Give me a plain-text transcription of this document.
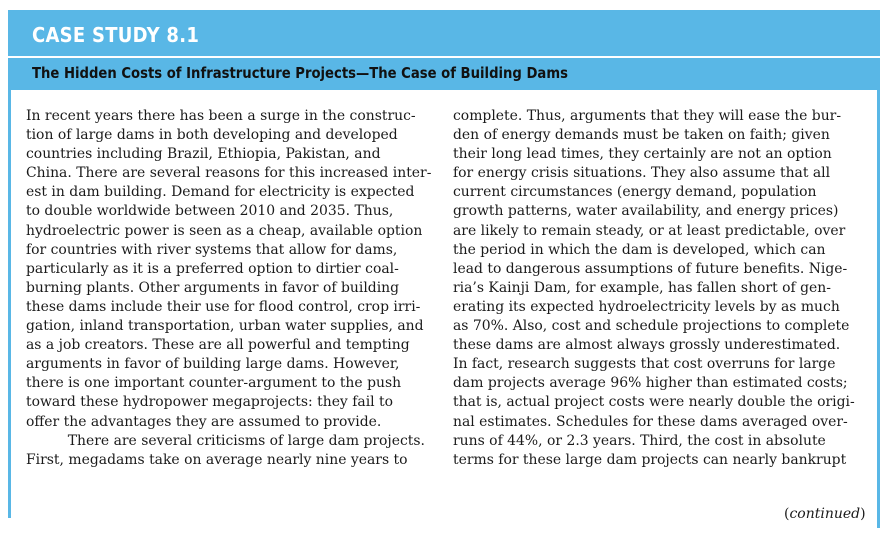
CASE STUDY 8.1
The Hidden Costs of Infrastructure Projects—The Case of Building Dams
In recent years there has been a surge in the construc-
tion of large dams in both developing and developed
countries including Brazil, Ethiopia, Pakistan, and
China. There are several reasons for this increased inter-
est in dam building. Demand for electricity is expected
to double worldwide between 2010 and 2035. Thus,
hydroelectric power is seen as a cheap, available option
for countries with river systems that allow for dams,
particularly as it is a preferred option to dirtier coal-
burning plants. Other arguments in favor of building
these dams include their use for flood control, crop irri-
gation, inland transportation, urban water supplies, and
as a job creators. These are all powerful and tempting
arguments in favor of building large dams. However,
there is one important counter-argument to the push
toward these hydropower megaprojects: they fail to
offer the advantages they are assumed to provide.
There are several criticisms of large dam projects.
First, megadams take on average nearly nine years to
complete. Thus, arguments that they will ease the bur-
den of energy demands must be taken on faith; given
their long lead times, they certainly are not an option
for energy crisis situations. They also assume that all
current circumstances (energy demand, population
growth patterns, water availability, and energy prices)
are likely to remain steady, or at least predictable, over
the period in which the dam is developed, which can
lead to dangerous assumptions of future benefits. Nige-
ria’s Kainji Dam, for example, has fallen short of gen-
erating its expected hydroelectricity levels by as much
as 70%. Also, cost and schedule projections to complete
these dams are almost always grossly underestimated.
In fact, research suggests that cost overruns for large
dam projects average 96% higher than estimated costs;
that is, actual project costs were nearly double the origi-
nal estimates. Schedules for these dams averaged over-
runs of 44%, or 2.3 years. Third, the cost in absolute
terms for these large dam projects can nearly bankrupt
(continued)
